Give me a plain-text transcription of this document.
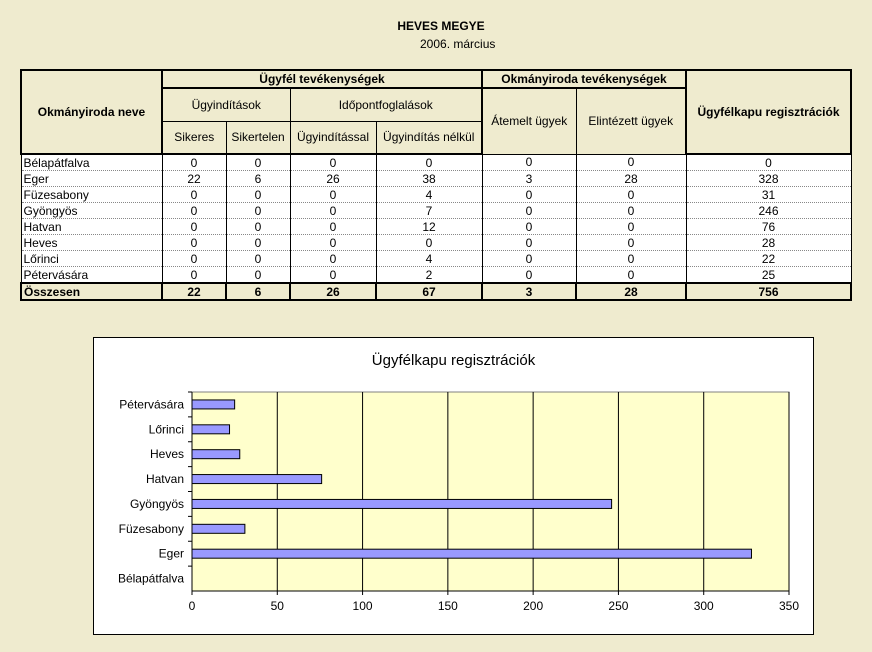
HEVES MEGYE
2006. március
Okmányiroda neve	Ügyfél tevékenységek				Okmányiroda tevékenységek		Ügyfélkapu regisztrációk
	Ügyindítások		Időpontfoglalások		Átemelt ügyek	Elintézett ügyek	
	Sikeres	Sikertelen	Ügyindítással	Ügyindítás nélkül			
Bélapátfalva	0	0	0	0	0	0	0
Eger	22	6	26	38	3	28	328
Füzesabony	0	0	0	4	0	0	31
Gyöngyös	0	0	0	7	0	0	246
Hatvan	0	0	0	12	0	0	76
Heves	0	0	0	0	0	0	28
Lőrinci	0	0	0	4	0	0	22
Pétervására	0	0	0	2	0	0	25
Összesen	22	6	26	67	3	28	756
Ügyfélkapu regisztrációk
0	50	100	150	200	250	300	350
Bélapátfalva
Eger
Füzesabony
Gyöngyös
Hatvan
Heves
Lőrinci
Pétervására
